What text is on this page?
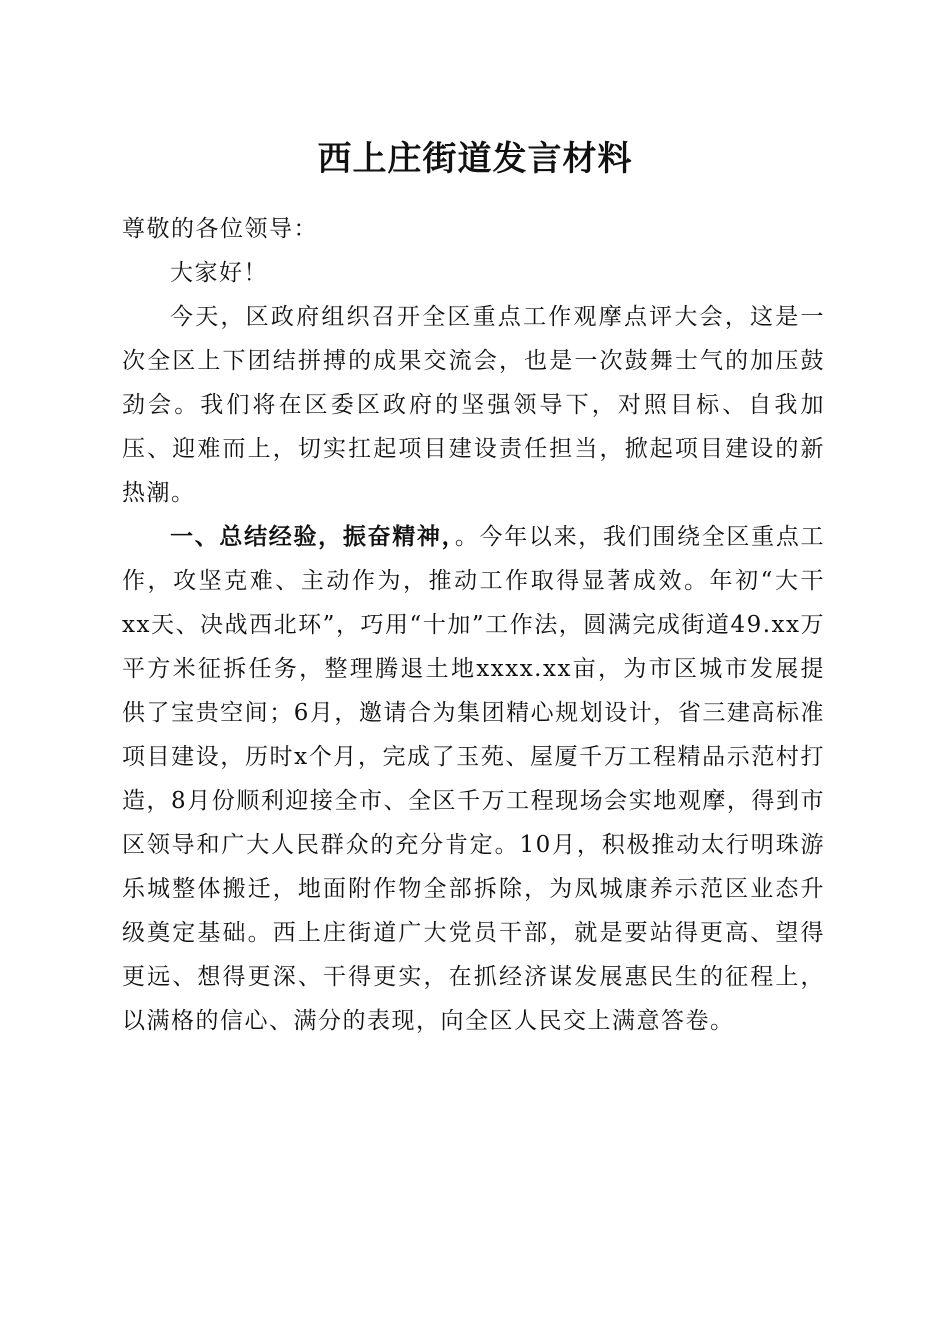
西上庄街道发言材料

尊敬的各位领导：

大家好！

今天，区政府组织召开全区重点工作观摩点评大会，这是一次全区上下团结拼搏的成果交流会，也是一次鼓舞士气的加压鼓劲会。我们将在区委区政府的坚强领导下，对照目标、自我加压、迎难而上，切实扛起项目建设责任担当，掀起项目建设的新热潮。

一、总结经验，振奋精神，。今年以来，我们围绕全区重点工作，攻坚克难、主动作为，推动工作取得显著成效。年初“大干xx天、决战西北环”，巧用“十加”工作法，圆满完成街道49.xx万平方米征拆任务，整理腾退土地xxxx.xx亩，为市区城市发展提供了宝贵空间；6月，邀请合为集团精心规划设计，省三建高标准项目建设，历时x个月，完成了玉苑、屋厦千万工程精品示范村打造，8月份顺利迎接全市、全区千万工程现场会实地观摩，得到市区领导和广大人民群众的充分肯定。10月，积极推动太行明珠游乐城整体搬迁，地面附作物全部拆除，为凤城康养示范区业态升级奠定基础。西上庄街道广大党员干部，就是要站得更高、望得更远、想得更深、干得更实，在抓经济谋发展惠民生的征程上，以满格的信心、满分的表现，向全区人民交上满意答卷。
